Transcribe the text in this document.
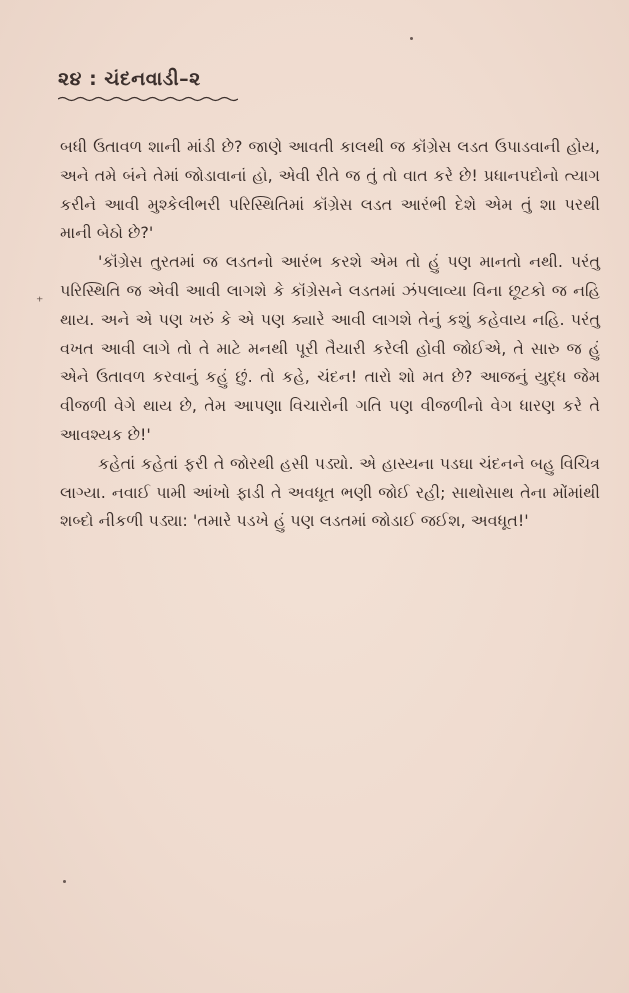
૨૪ : ચંદનવાડી–૨
⁺

બધી ઉતાવળ શાની માંડી છે? જાણે આવતી કાલથી જ કૉંગ્રેસ લડત ઉપાડવાની હોય, અને તમે બંને તેમાં જોડાવાનાં હો, એવી રીતે જ તું તો વાત કરે છે! પ્રધાનપદોનો ત્યાગ કરીને આવી મુશ્કેલીભરી પરિસ્થિતિમાં કૉંગ્રેસ લડત આરંભી દેશે એમ તું શા પરથી માની બેઠો છે?'

'કૉંગ્રેસ તુરતમાં જ લડતનો આરંભ કરશે એમ તો હું પણ માનતો નથી. પરંતુ પરિસ્થિતિ જ એવી આવી લાગશે કે કૉંગ્રેસને લડતમાં ઝંપલાવ્યા વિના છૂટકો જ નહિ થાય. અને એ પણ ખરું કે એ પણ ક્યારે આવી લાગશે તેનું કશું કહેવાય નહિ. પરંતુ વખત આવી લાગે તો તે માટે મનથી પૂરી તૈયારી કરેલી હોવી જોઈએ, તે સારુ જ હું એને ઉતાવળ કરવાનું કહું છું. તો કહે, ચંદન! તારો શો મત છે? આજનું યુદ્ધ જેમ વીજળી વેગે થાય છે, તેમ આપણા વિચારોની ગતિ પણ વીજળીનો વેગ ધારણ કરે તે આવશ્યક છે!'

કહેતાં કહેતાં ફરી તે જોરથી હસી પડ્યો. એ હાસ્યના પડઘા ચંદનને બહુ વિચિત્ર લાગ્યા. નવાઈ પામી આંખો ફાડી તે અવધૂત ભણી જોઈ રહી; સાથોસાથ તેના મોંમાંથી શબ્દો નીકળી પડ્યા: 'તમારે પડખે હું પણ લડતમાં જોડાઈ જઈશ, અવધૂત!'
